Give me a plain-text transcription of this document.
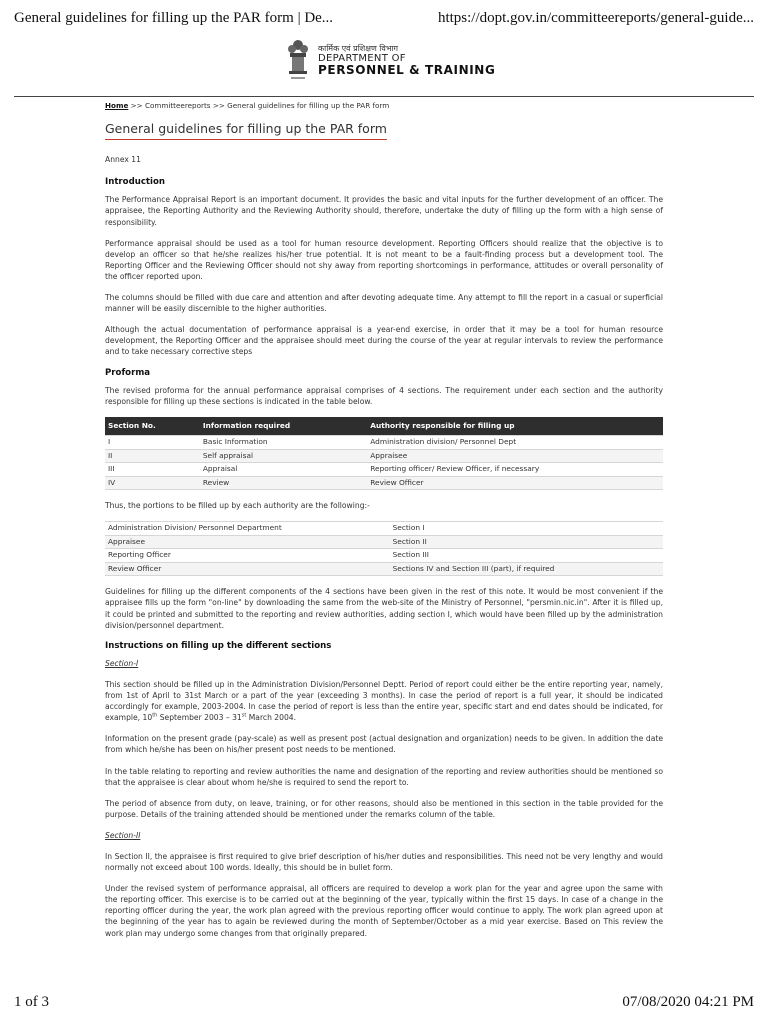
General guidelines for filling up the PAR form | De...	https://dopt.gov.in/committeereports/general-guide...
कार्मिक एवं प्रशिक्षण विभाग
DEPARTMENT OF
PERSONNEL & TRAINING
Home >> Committeereports >> General guidelines for filling up the PAR form
General guidelines for filling up the PAR form
Annex 11
Introduction

The Performance Appraisal Report is an important document. It provides the basic and vital inputs for the further development of an officer. The appraisee, the Reporting Authority and the Reviewing Authority should, therefore, undertake the duty of filling up the form with a high sense of responsibility.

Performance appraisal should be used as a tool for human resource development. Reporting Officers should realize that the objective is to develop an officer so that he/she realizes his/her true potential. It is not meant to be a fault-finding process but a development tool. The Reporting Officer and the Reviewing Officer should not shy away from reporting shortcomings in performance, attitudes or overall personality of the officer reported upon.

The columns should be filled with due care and attention and after devoting adequate time. Any attempt to fill the report in a casual or superficial manner will be easily discernible to the higher authorities.

Although the actual documentation of performance appraisal is a year-end exercise, in order that it may be a tool for human resource development, the Reporting Officer and the appraisee should meet during the course of the year at regular intervals to review the performance and to take necessary corrective steps

Proforma

The revised proforma for the annual performance appraisal comprises of 4 sections. The requirement under each section and the authority responsible for filling up these sections is indicated in the table below.

Section No.	Information required	Authority responsible for filling up
I	Basic Information	Administration division/ Personnel Dept
II	Self appraisal	Appraisee
III	Appraisal	Reporting officer/ Review Officer, if necessary
IV	Review	Review Officer

Thus, the portions to be filled up by each authority are the following:-

Administration Division/ Personnel Department	Section I
Appraisee	Section II
Reporting Officer	Section III
Review Officer	Sections IV and Section III (part), if required

Guidelines for filling up the different components of the 4 sections have been given in the rest of this note. It would be most convenient if the appraisee fills up the form "on-line" by downloading the same from the web-site of the Ministry of Personnel, "persmin.nic.in". After it is filled up, it could be printed and submitted to the reporting and review authorities, adding section I, which would have been filled up by the administration division/personnel department.

Instructions on filling up the different sections
Section-I

This section should be filled up in the Administration Division/Personnel Deptt. Period of report could either be the entire reporting year, namely, from 1st of April to 31st March or a part of the year (exceeding 3 months). In case the period of report is a full year, it should be indicated accordingly for example, 2003-2004. In case the period of report is less than the entire year, specific start and end dates should be indicated, for example, 10th September 2003 – 31st March 2004.

Information on the present grade (pay-scale) as well as present post (actual designation and organization) needs to be given. In addition the date from which he/she has been on his/her present post needs to be mentioned.

In the table relating to reporting and review authorities the name and designation of the reporting and review authorities should be mentioned so that the appraisee is clear about whom he/she is required to send the report to.

The period of absence from duty, on leave, training, or for other reasons, should also be mentioned in this section in the table provided for the purpose. Details of the training attended should be mentioned under the remarks column of the table.

Section-II

In Section II, the appraisee is first required to give brief description of his/her duties and responsibilities. This need not be very lengthy and would normally not exceed about 100 words. Ideally, this should be in bullet form.

Under the revised system of performance appraisal, all officers are required to develop a work plan for the year and agree upon the same with the reporting officer. This exercise is to be carried out at the beginning of the year, typically within the first 15 days. In case of a change in the reporting officer during the year, the work plan agreed with the previous reporting officer would continue to apply. The work plan agreed upon at the beginning of the year has to again be reviewed during the month of September/October as a mid year exercise. Based on This review the work plan may undergo some changes from that originally prepared.

1 of 3	07/08/2020 04:21 PM
